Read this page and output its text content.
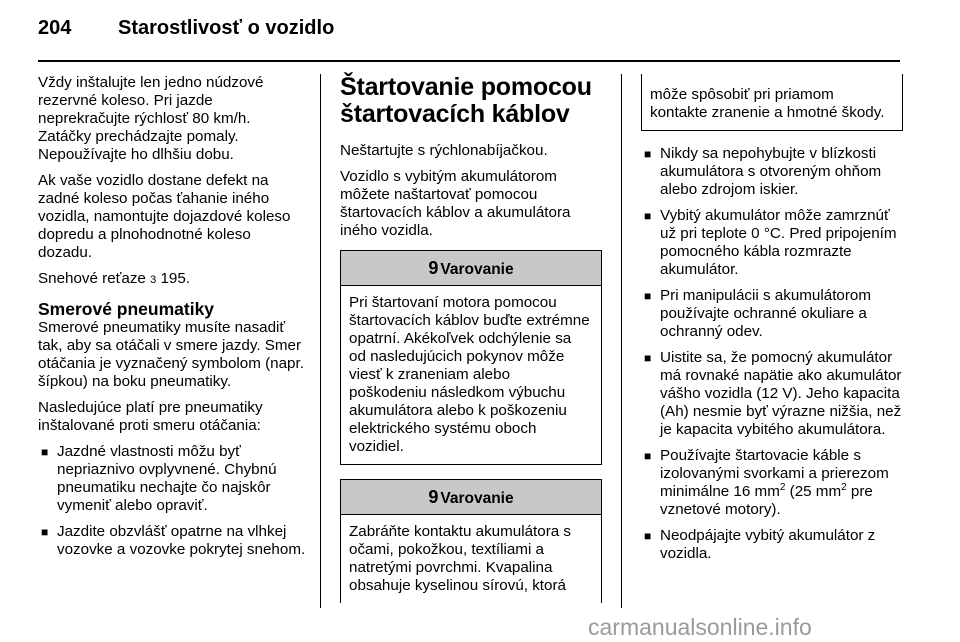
204 Starostlivosť o vozidlo

Vždy inštalujte len jedno núdzové rezervné koleso. Pri jazde neprekračujte rýchlosť 80 km/h. Zatáčky prechádzajte pomaly. Nepoužívajte ho dlhšiu dobu.

Ak vaše vozidlo dostane defekt na zadné koleso počas ťahanie iného vozidla, namontujte dojazdové koleso dopredu a plnohodnotné koleso dozadu.

Snehové reťaze 3 195.

Smerové pneumatiky

Smerové pneumatiky musíte nasadiť tak, aby sa otáčali v smere jazdy. Smer otáčania je vyznačený symbolom (napr. šípkou) na boku pneumatiky.

Nasledujúce platí pre pneumatiky inštalované proti smeru otáčania:

■ Jazdné vlastnosti môžu byť nepriaznivo ovplyvnené. Chybnú pneumatiku nechajte čo najskôr vymeniť alebo opraviť.
■ Jazdite obzvlášť opatrne na vlhkej vozovke a vozovke pokrytej snehom.
Štartovanie pomocou štartovacích káblov

Neštartujte s rýchlonabíjačkou.

Vozidlo s vybitým akumulátorom môžete naštartovať pomocou štartovacích káblov a akumulátora iného vozidla.

9 Varovanie
Pri štartovaní motora pomocou štartovacích káblov buďte extrémne opatrní. Akékoľvek odchýlenie sa od nasledujúcich pokynov môže viesť k zraneniam alebo poškodeniu následkom výbuchu akumulátora alebo k poškozeniu elektrického systému oboch vozidiel.
9 Varovanie
Zabráňte kontaktu akumulátora s očami, pokožkou, textíliami a natretými povrchmi. Kvapalina obsahuje kyselinou sírovú, ktorá
môže spôsobiť pri priamom kontakte zranenie a hmotné škody.
■ Nikdy sa nepohybujte v blízkosti akumulátora s otvoreným ohňom alebo zdrojom iskier.
■ Vybitý akumulátor môže zamrznúť už pri teplote 0 °C. Pred pripojením pomocného kábla rozmrazte akumulátor.
■ Pri manipulácii s akumulátorom používajte ochranné okuliare a ochranný odev.
■ Uistite sa, že pomocný akumulátor má rovnaké napätie ako akumulátor vášho vozidla (12 V). Jeho kapacita (Ah) nesmie byť výrazne nižšia, než je kapacita vybitého akumulátora.
■ Používajte štartovacie káble s izolovanými svorkami a prierezom minimálne 16 $mm^2$ (25 $mm^2$ pre vznetové motory).
■ Neodpájajte vybitý akumulátor z vozidla.
carmanualsonline.info
